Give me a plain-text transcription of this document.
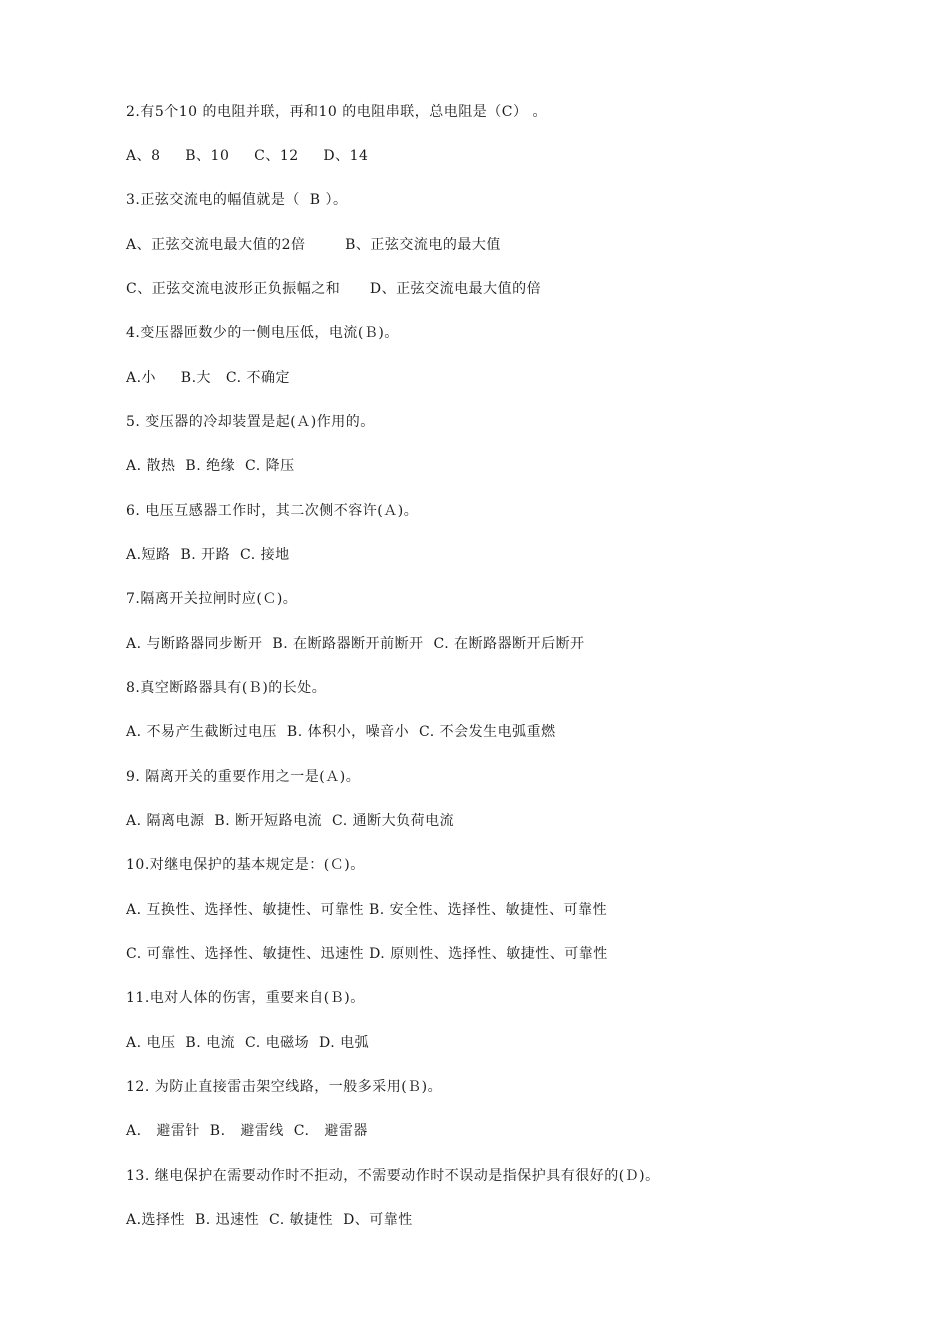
2.有5个10 的电阻并联，再和10 的电阻串联，总电阻是（C） 。
A、8     B、10     C、12     D、14
3.正弦交流电的幅值就是（  B ）。
A、正弦交流电最大值的2倍        B、正弦交流电的最大值
C、正弦交流电波形正负振幅之和      D、正弦交流电最大值的倍
4.变压器匝数少的一侧电压低，电流(Ｂ)。
A.小     B.大   C. 不确定
5. 变压器的冷却装置是起(Ａ)作用的。
A. 散热  B. 绝缘  C. 降压
6. 电压互感器工作时，其二次侧不容许(Ａ)。
A.短路  B. 开路  C. 接地
7.隔离开关拉闸时应(Ｃ)。
A. 与断路器同步断开  B. 在断路器断开前断开  C. 在断路器断开后断开
8.真空断路器具有(Ｂ)的长处。
A. 不易产生截断过电压  B. 体积小，噪音小  C. 不会发生电弧重燃
9. 隔离开关的重要作用之一是(Ａ)。
A. 隔离电源  B. 断开短路电流  C. 通断大负荷电流
10.对继电保护的基本规定是：(Ｃ)。
A. 互换性、选择性、敏捷性、可靠性 B. 安全性、选择性、敏捷性、可靠性
C. 可靠性、选择性、敏捷性、迅速性 D. 原则性、选择性、敏捷性、可靠性
11.电对人体的伤害，重要来自(Ｂ)。
A. 电压  B. 电流  C. 电磁场  D. 电弧
12. 为防止直接雷击架空线路，一般多采用(Ｂ)。
A.   避雷针  B.   避雷线  C.   避雷器
13. 继电保护在需要动作时不拒动，不需要动作时不误动是指保护具有很好的(Ｄ)。
A.选择性  B. 迅速性  C. 敏捷性  D、可靠性
